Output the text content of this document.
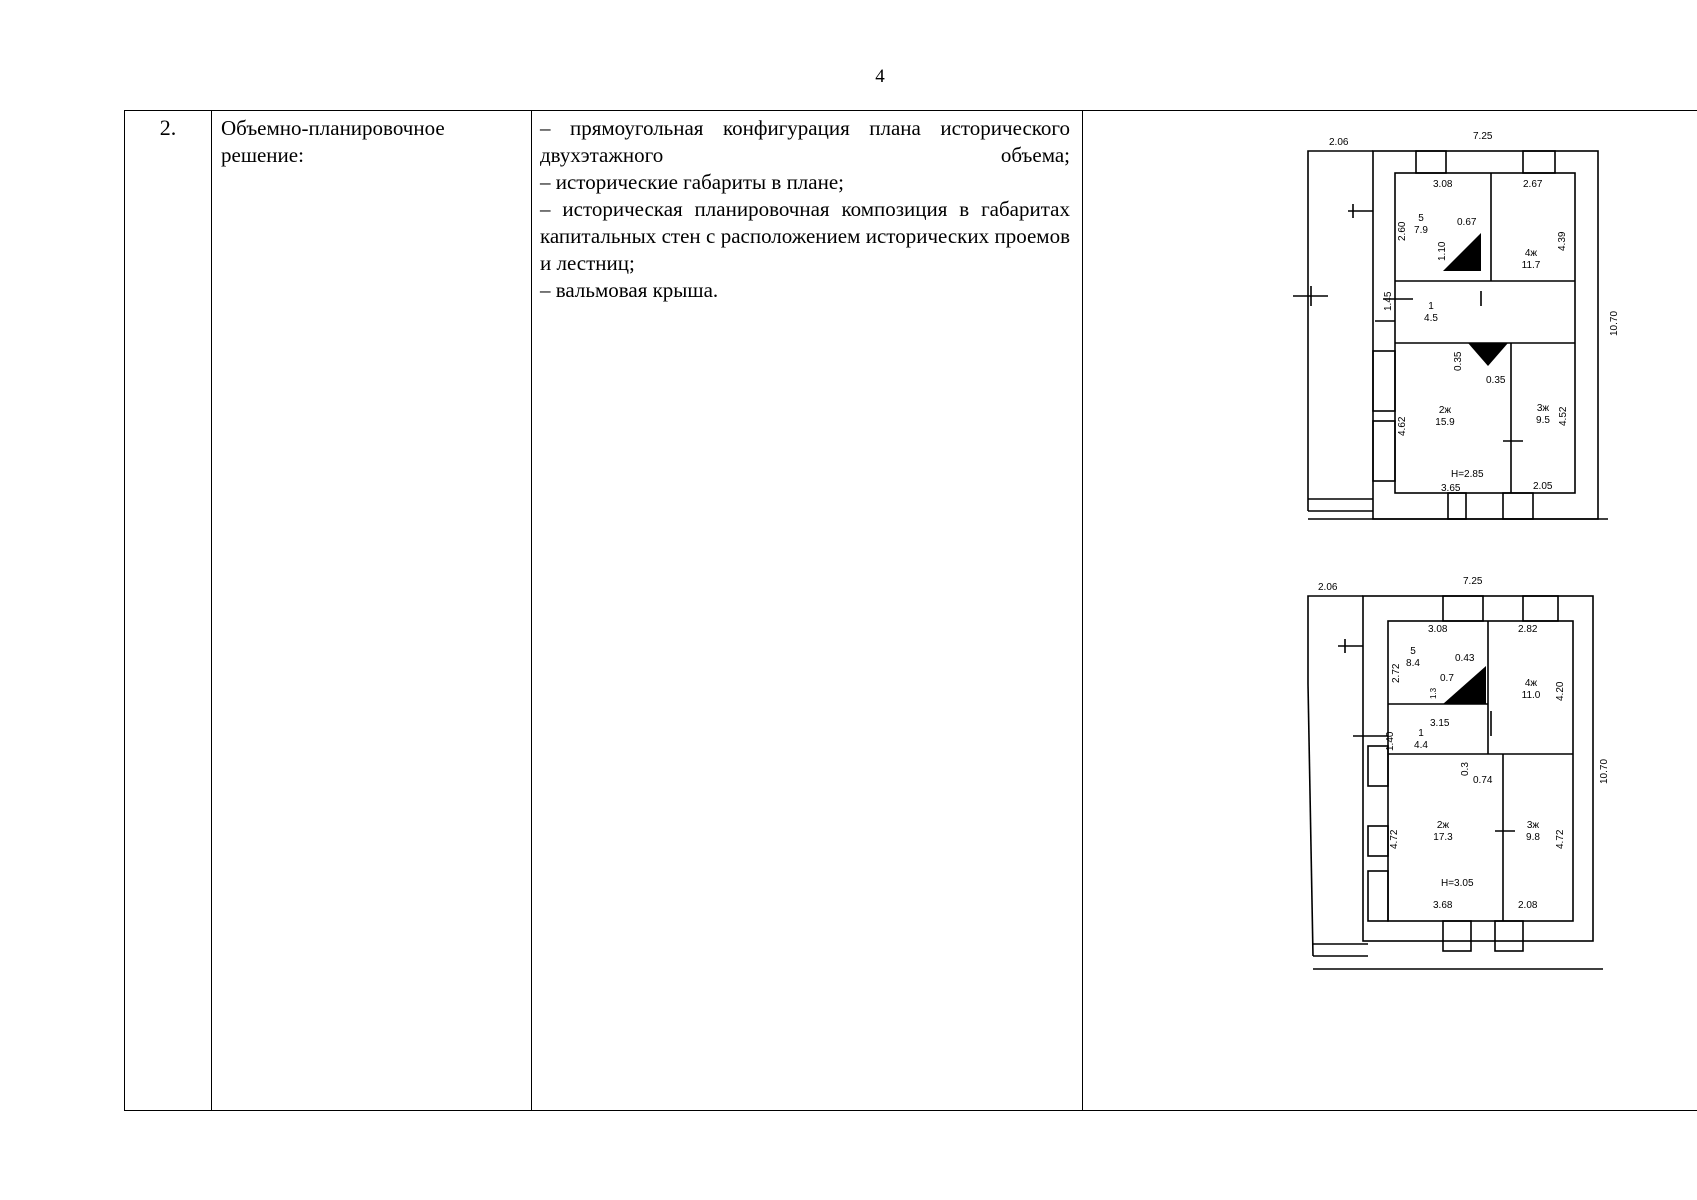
4
2.	Объемно-планировочное решение:	
– прямоугольная конфигурация плана исторического двухэтажного объема;
– исторические габариты в плане;
– историческая планировочная композиция в габаритах капитальных стен с расположением исторических проемов и лестниц;
– вальмовая крыша.

2.06
7.25
10.70
3.08	2.67
2.60	0.67
1.10
4.39
1.45
0.35
0.35
4.62
4.52
H=2.85
3.65	2.05
5
7.9
4ж
11.7
1
4.5
2ж
15.9
3ж
9.5
2.06
7.25
10.70
3.08	2.82
0.43
0.7
3.15
1.3
2.72
4.20
1.40
0.3
0.74
4.72	4.72
H=3.05
3.68	2.08
5
8.4
4ж
11.0
1
4.4
2ж
17.3
3ж
9.8
